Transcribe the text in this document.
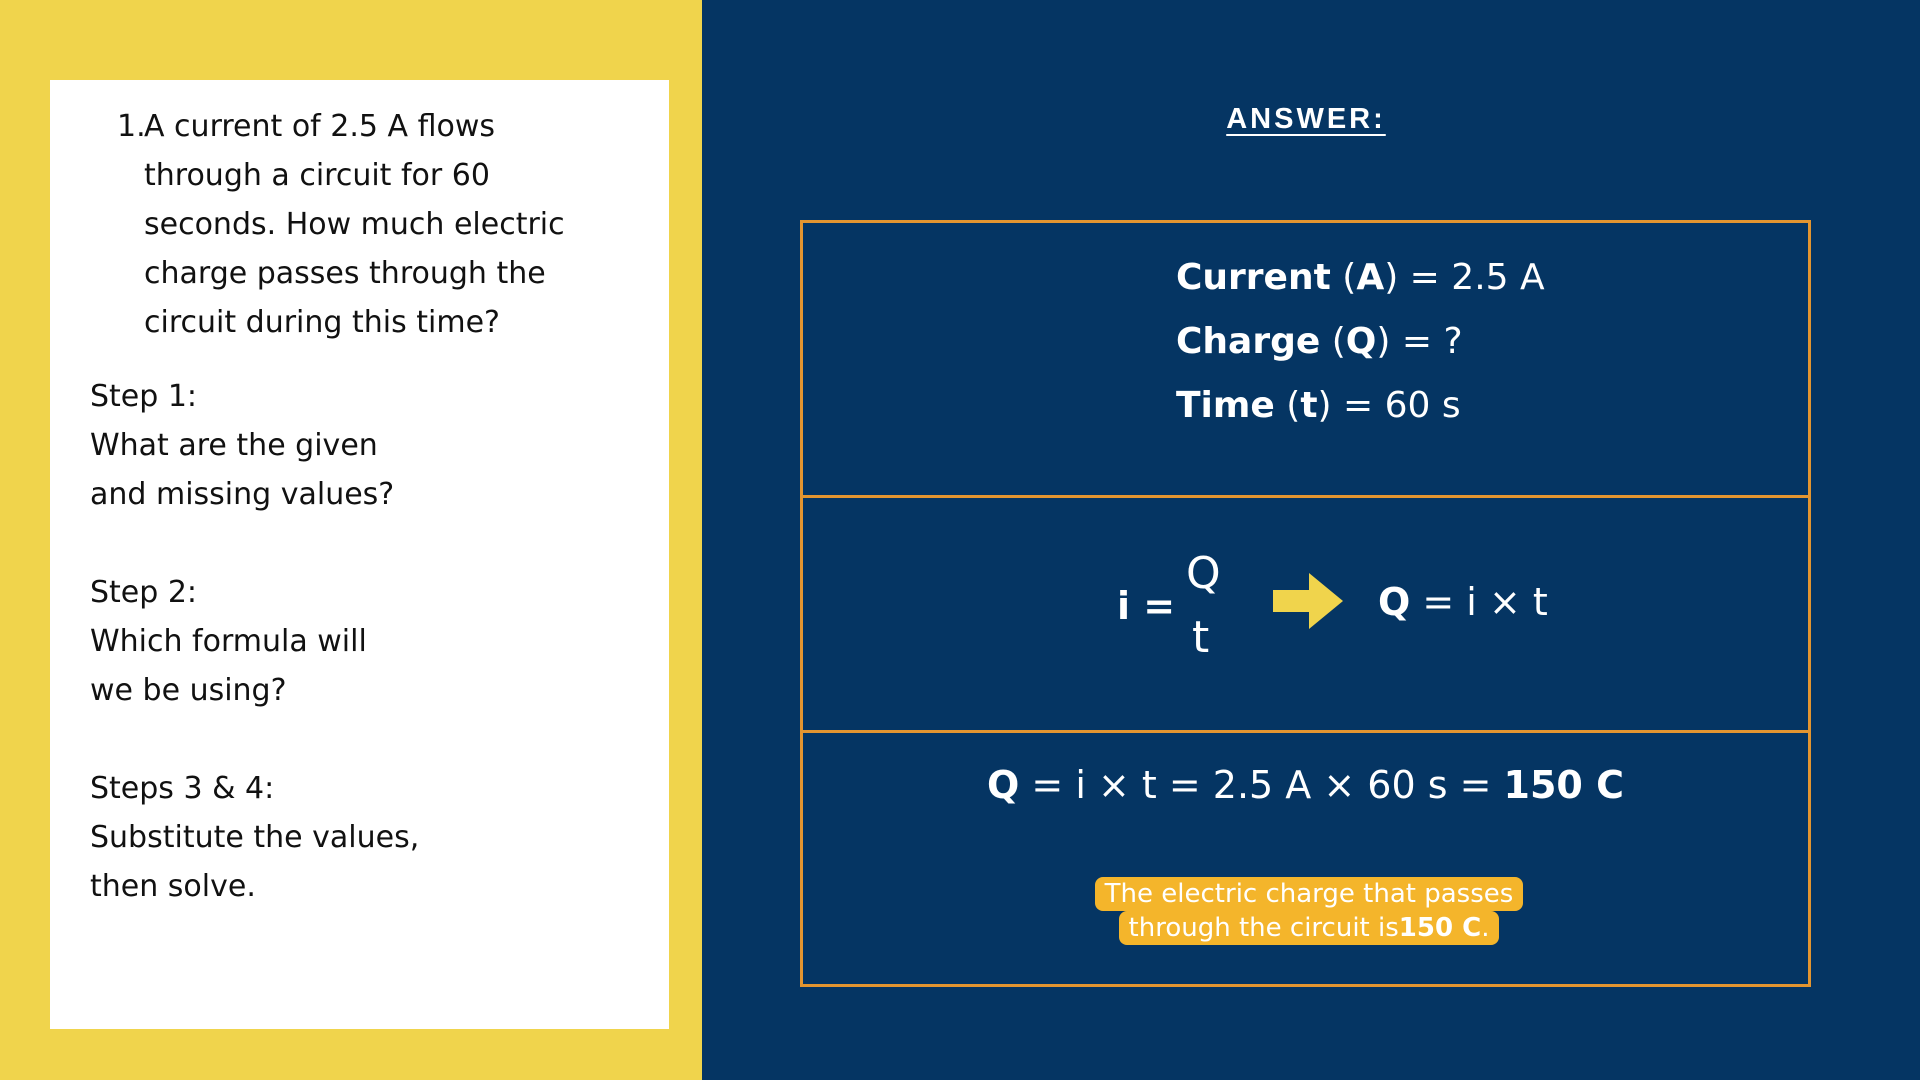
1.
A current of 2.5 A flows through a circuit for 60 seconds. How much electric charge passes through the circuit during this time?
Step 1:
What are the given
and missing values?
Step 2:
Which formula will
we be using?
Steps 3 & 4:
Substitute the values,
then solve.
ANSWER:
Current (A) = 2.5 A
Charge (Q) = ?
Time (t) = 60 s
i =
Q
t
Q = i × t
Q = i × t = 2.5 A × 60 s = 150 C
The electric charge that passes
through the circuit is150 C.
